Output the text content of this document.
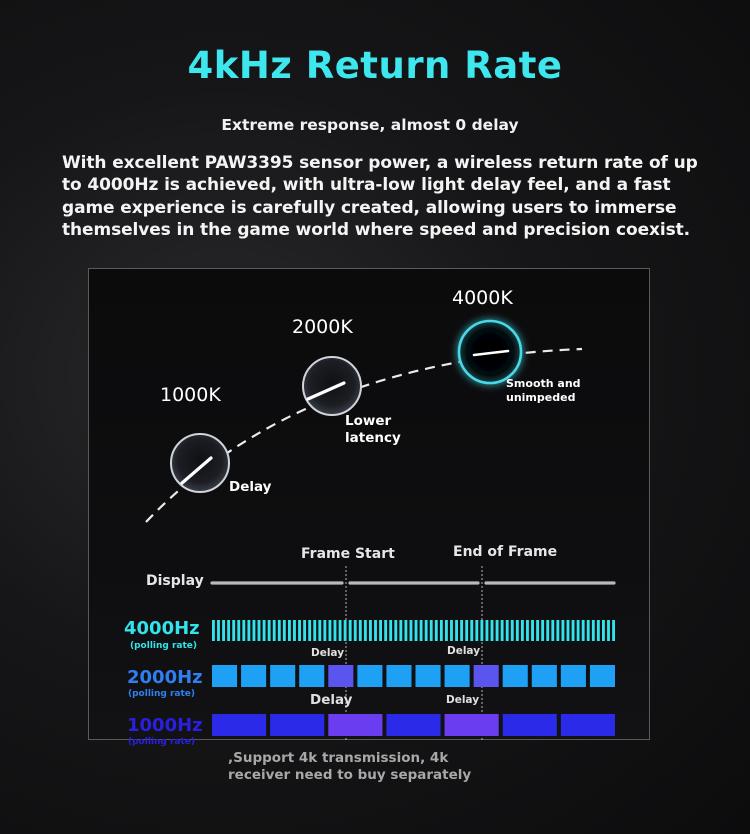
4kHz Return Rate
Extreme response, almost 0 delay
With excellent PAW3395 sensor power, a wireless return rate of up to 4000Hz is achieved, with ultra-low light delay feel, and a fast game experience is carefully created, allowing users to immerse themselves in the game world where speed and precision coexist.
1000K
2000K
4000K
Delay
Lower latency
Smooth and unimpeded
Frame Start	End of Frame
Display
4000Hz
(polling rate)
2000Hz
(polling rate)
1000Hz
(polling rate)
Delay	Delay
Delay	Delay
,Support 4k transmission, 4k receiver need to buy separately
